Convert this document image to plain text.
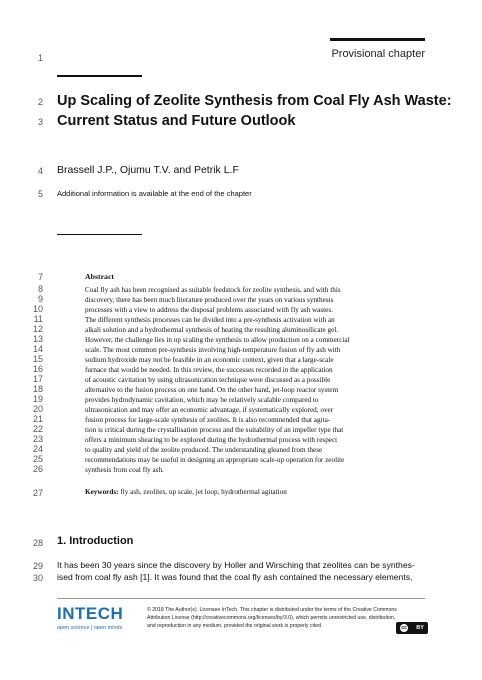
Provisional chapter
1
2
3
4
5
7
8
9
10
11
12
13
14
15
16
17
18
19
20
21
22
23
24
25
26
27
28
29
30
Up Scaling of Zeolite Synthesis from Coal Fly Ash Waste:
Current Status and Future Outlook
Brassell J.P., Ojumu T.V. and Petrik L.F
Additional information is available at the end of the chapter
Abstract
Coal fly ash has been recognised as suitable feedstock for zeolite synthesis, and with this
discovery, there has been much literature produced over the years on various synthesis
processes with a view to address the disposal problems associated with fly ash wastes.
The different synthesis processes can be divided into a pre-synthesis activation with an
alkali solution and a hydrothermal synthesis of heating the resulting aluminosilicate gel.
However, the challenge lies in up scaling the synthesis to allow production on a commercial
scale. The most common pre-synthesis involving high-temperature fusion of fly ash with
sodium hydroxide may not be feasible in an economic context, given that a large-scale
furnace that would be needed. In this review, the successes recorded in the application
of acoustic cavitation by using ultrasonication technique were discussed as a possible
alternative to the fusion process on one hand. On the other hand, jet-loop reactor system
provides hydrodynamic cavitation, which may be relatively scalable compared to
ultrasonication and may offer an economic advantage, if systematically explored, over
fusion process for large-scale synthesis of zeolites. It is also recommended that agita-
tion is critical during the crystallisation process and the suitability of an impeller type that
offers a minimum shearing to be explored during the hydrothermal process with respect
to quality and yield of the zeolite produced. The understanding gleaned from these
recommendations may be useful in designing an appropriate scale-up operation for zeolite
synthesis from coal fly ash.
Keywords: fly ash, zeolites, up scale, jet loop, hydrothermal agitation
1. Introduction
It has been 30 years since the discovery by Holler and Wirsching that zeolites can be synthes-
ised from coal fly ash [1]. It was found that the coal fly ash contained the necessary elements,
INTECH
open science | open minds
© 2018 The Author(s). Licensee InTech. This chapter is distributed under the terms of the Creative Commons
Attribution License (http://creativecommons.org/licenses/by/3.0), which permits unrestricted use, distribution,
and reproduction in any medium, provided the original work is properly cited.	cc BY
